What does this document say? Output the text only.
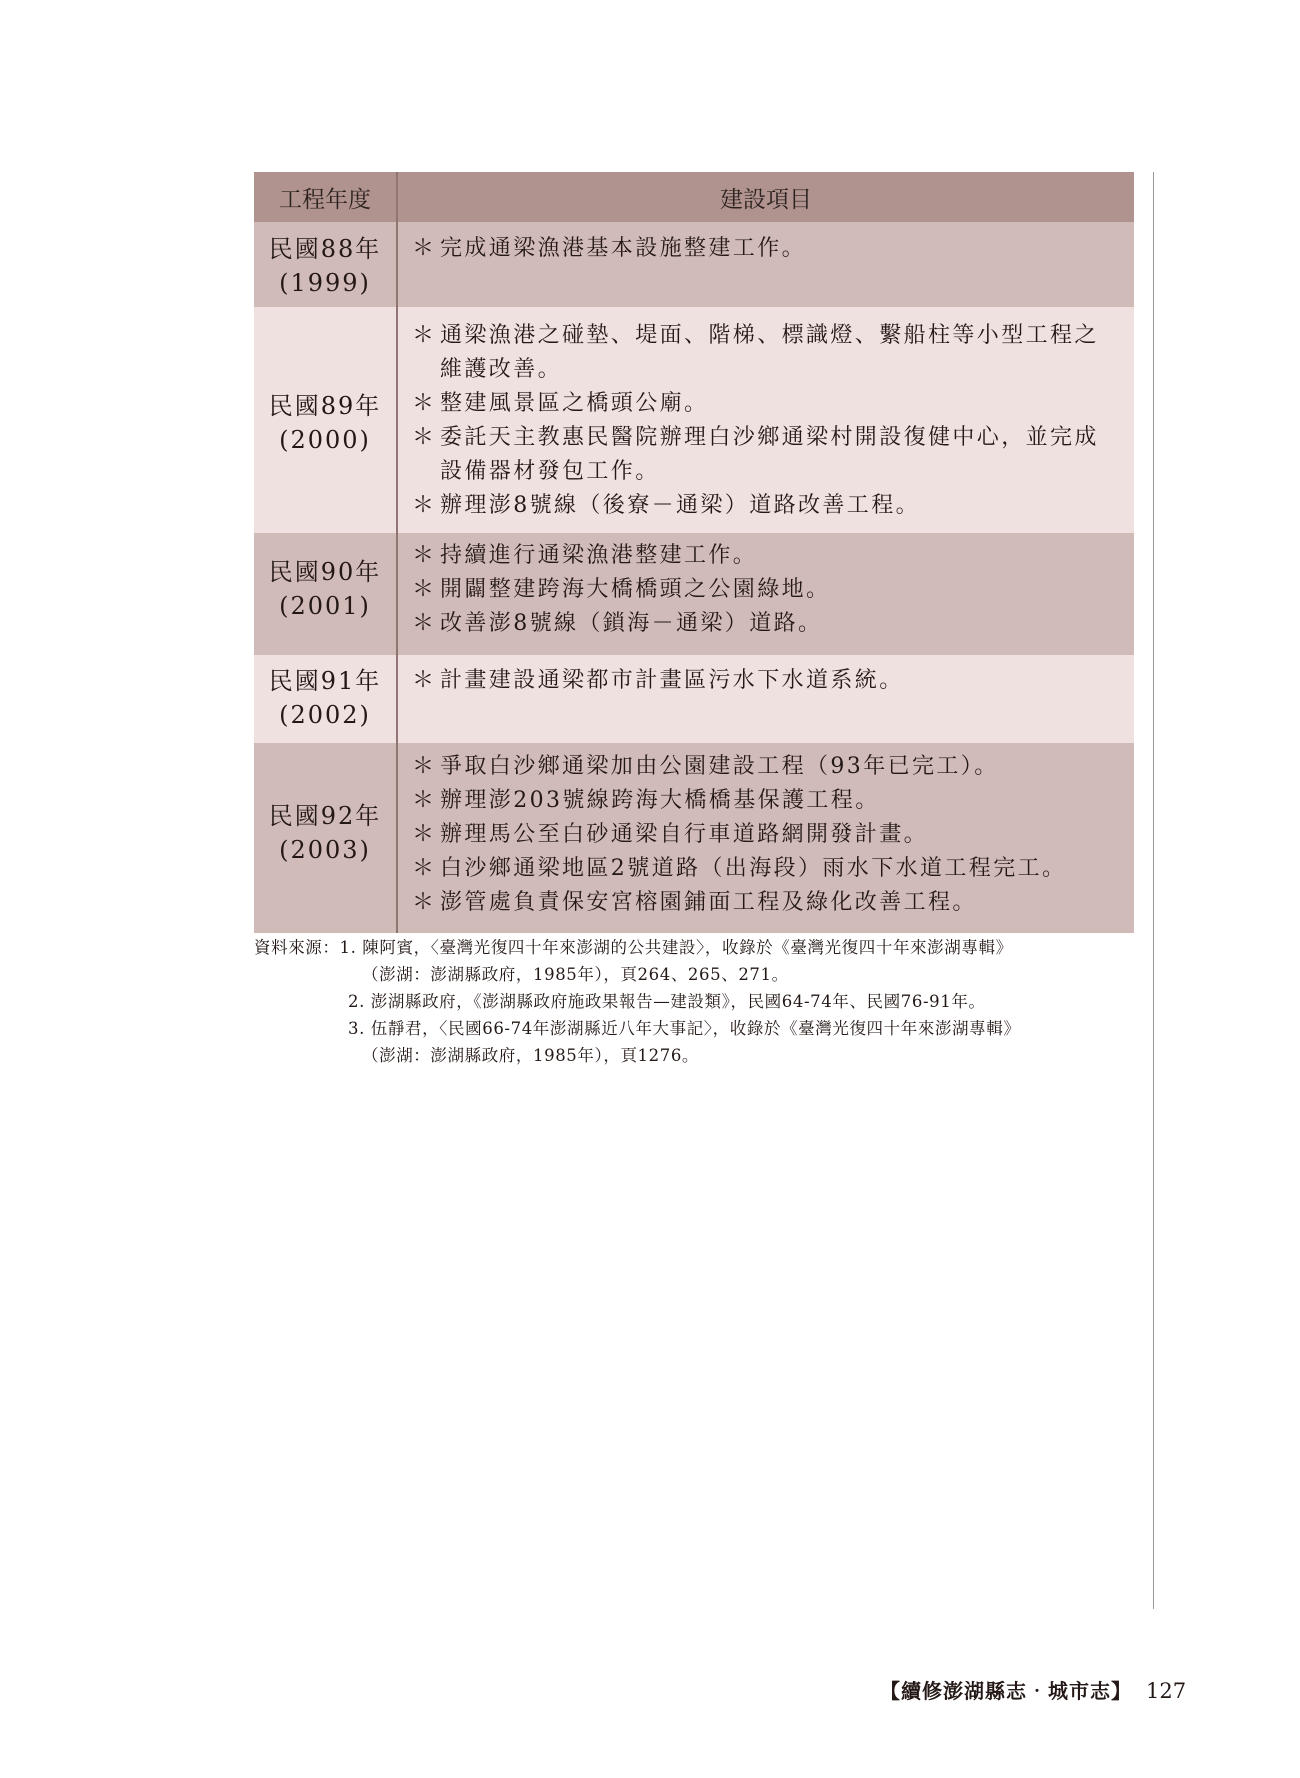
工程年度	建設項目
民國88年
(1999)
＊ 完成通梁漁港基本設施整建工作。
民國89年
(2000)
＊ 通梁漁港之碰墊、堤面、階梯、標識燈、繫船柱等小型工程之維護改善。
＊ 整建風景區之橋頭公廟。
＊ 委託天主教惠民醫院辦理白沙鄉通梁村開設復健中心，並完成設備器材發包工作。
＊ 辦理澎8號線（後寮－通梁）道路改善工程。
民國90年
(2001)
＊ 持續進行通梁漁港整建工作。
＊ 開闢整建跨海大橋橋頭之公園綠地。
＊ 改善澎8號線（鎖海－通梁）道路。
民國91年
(2002)
＊ 計畫建設通梁都市計畫區污水下水道系統。
民國92年
(2003)
＊ 爭取白沙鄉通梁加由公園建設工程（93年已完工）。
＊ 辦理澎203號線跨海大橋橋基保護工程。
＊ 辦理馬公至白砂通梁自行車道路網開發計畫。
＊ 白沙鄉通梁地區2號道路（出海段）雨水下水道工程完工。
＊ 澎管處負責保安宮榕園鋪面工程及綠化改善工程。
資料來源：1. 陳阿賓，〈臺灣光復四十年來澎湖的公共建設〉，收錄於《臺灣光復四十年來澎湖專輯》
（澎湖：澎湖縣政府，1985年），頁264、265、271。
2. 澎湖縣政府，《澎湖縣政府施政果報告—建設類》，民國64-74年、民國76-91年。
3. 伍靜君，〈民國66-74年澎湖縣近八年大事記〉，收錄於《臺灣光復四十年來澎湖專輯》
（澎湖：澎湖縣政府，1985年），頁1276。
【續修澎湖縣志‧城市志】 127
